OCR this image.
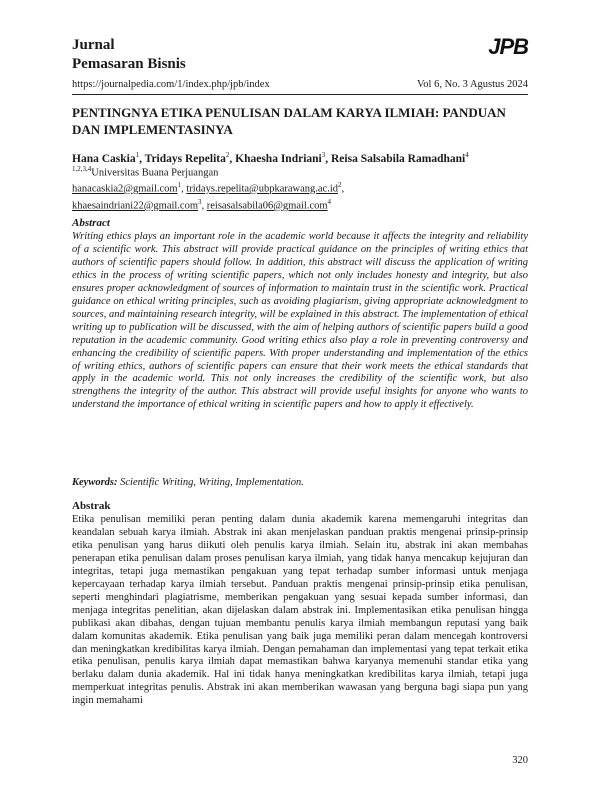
Jurnal
Pemasaran Bisnis
JPB
https://journalpedia.com/1/index.php/jpb/index	Vol 6, No. 3 Agustus 2024
PENTINGNYA ETIKA PENULISAN DALAM KARYA ILMIAH: PANDUAN DAN IMPLEMENTASINYA
Hana Caskia$^1$, Tridays Repelita$^2$, Khaesha Indriani$^3$, Reisa Salsabila Ramadhani$^4$
$^{1,2,3,4}$Universitas Buana Perjuangan
hanacaskia2@gmail.com$^1$, $tridays.repelita@ubpkarawang.ac.id^2$,
khaesaindriani22@gmail.com$^3$, reisasalsabila06@gmail.com$^4$
Abstract
Writing ethics plays an important role in the academic world because it affects the integrity and reliability of a scientific work. This abstract will provide practical guidance on the principles of writing ethics that authors of scientific papers should follow. In addition, this abstract will discuss the application of writing ethics in the process of writing scientific papers, which not only includes honesty and integrity, but also ensures proper acknowledgment of sources of information to maintain trust in the scientific work. Practical guidance on ethical writing principles, such as avoiding plagiarism, giving appropriate acknowledgment to sources, and maintaining research integrity, will be explained in this abstract. The implementation of ethical writing up to publication will be discussed, with the aim of helping authors of scientific papers build a good reputation in the academic community. Good writing ethics also play a role in preventing controversy and enhancing the credibility of scientific papers. With proper understanding and implementation of the ethics of writing ethics, authors of scientific papers can ensure that their work meets the ethical standards that apply in the academic world. This not only increases the credibility of the scientific work, but also strengthens the integrity of the author. This abstract will provide useful insights for anyone who wants to understand the importance of ethical writing in scientific papers and how to apply it effectively.
Keywords: Scientific Writing, Writing, Implementation.
Abstrak
Etika penulisan memiliki peran penting dalam dunia akademik karena memengaruhi integritas dan keandalan sebuah karya ilmiah. Abstrak ini akan menjelaskan panduan praktis mengenai prinsip-prinsip etika penulisan yang harus diikuti oleh penulis karya ilmiah. Selain itu, abstrak ini akan membahas penerapan etika penulisan dalam proses penulisan karya ilmiah, yang tidak hanya mencakup kejujuran dan integritas, tetapi juga memastikan pengakuan yang tepat terhadap sumber informasi untuk menjaga kepercayaan terhadap karya ilmiah tersebut. Panduan praktis mengenai prinsip-prinsip etika penulisan, seperti menghindari plagiatrisme, memberikan pengakuan yang sesuai kepada sumber informasi, dan menjaga integritas penelitian, akan dijelaskan dalam abstrak ini. Implementasikan etika penulisan hingga publikasi akan dibahas, dengan tujuan membantu penulis karya ilmiah membangun reputasi yang baik dalam komunitas akademik. Etika penulisan yang baik juga memiliki peran dalam mencegah kontroversi dan meningkatkan kredibilitas karya ilmiah. Dengan pemahaman dan implementasi yang tepat terkait etika etika penulisan, penulis karya ilmiah dapat memastikan bahwa karyanya memenuhi standar etika yang berlaku dalam dunia akademik. Hal ini tidak hanya meningkatkan kredibilitas karya ilmiah, tetapi juga memperkuat integritas penulis. Abstrak ini akan memberikan wawasan yang berguna bagi siapa pun yang ingin memahami
320
